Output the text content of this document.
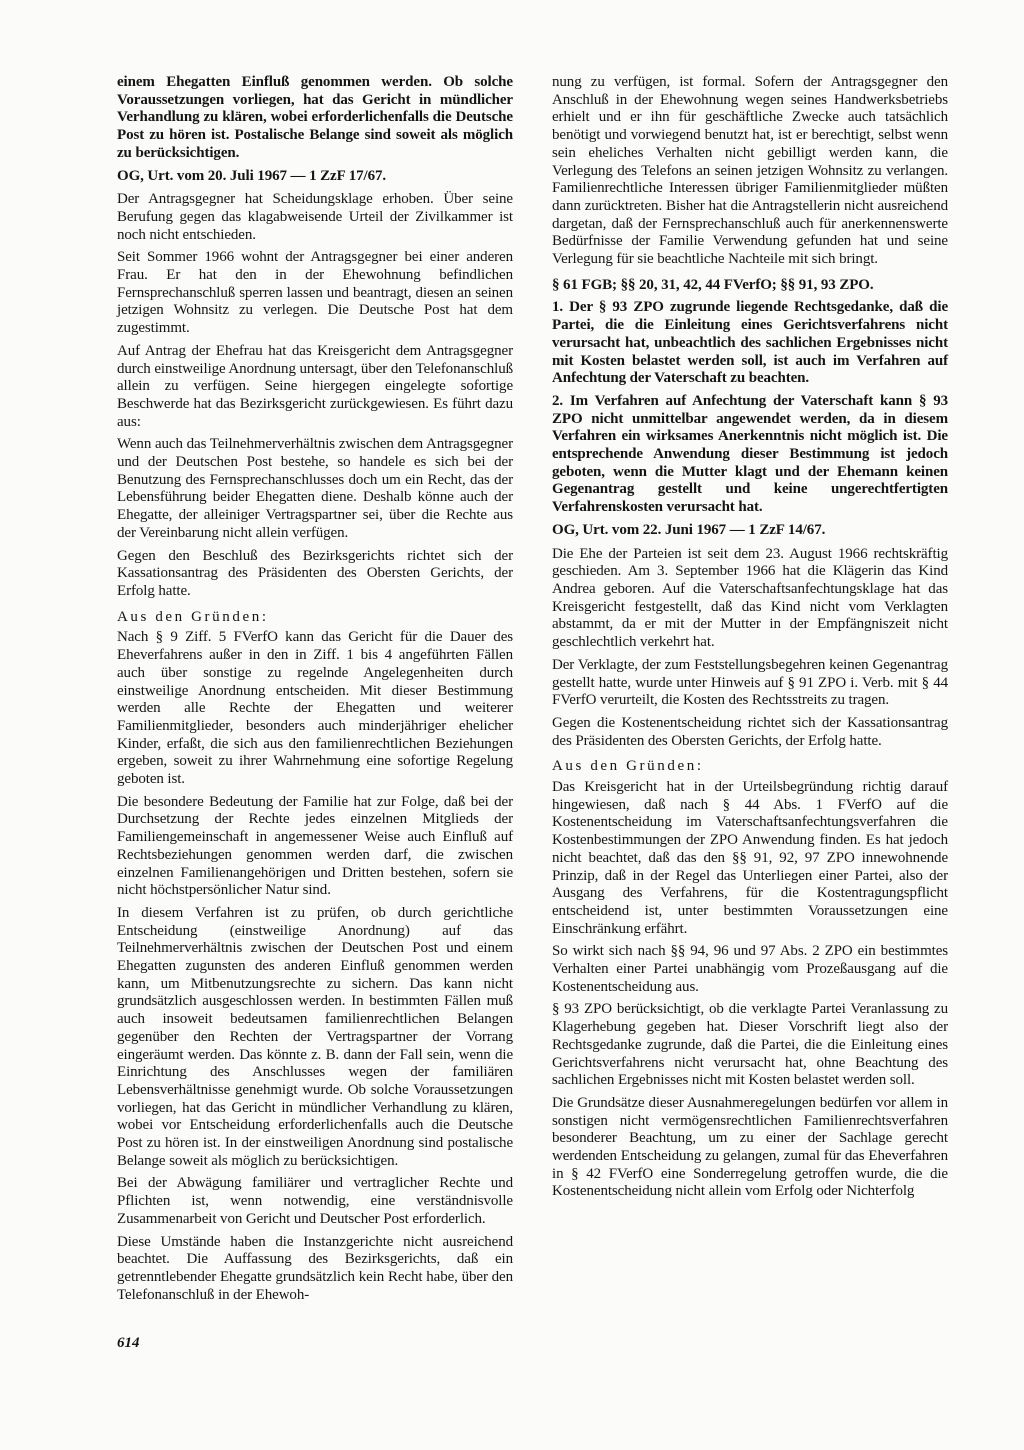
einem Ehegatten Einfluß genommen werden. Ob solche Voraussetzungen vorliegen, hat das Gericht in mündlicher Verhandlung zu klären, wobei erforderlichenfalls die Deutsche Post zu hören ist. Postalische Belange sind soweit als möglich zu berücksichtigen.

OG, Urt. vom 20. Juli 1967 — 1 ZzF 17/67.

Der Antragsgegner hat Scheidungsklage erhoben. Über seine Berufung gegen das klagabweisende Urteil der Zivilkammer ist noch nicht entschieden.

Seit Sommer 1966 wohnt der Antragsgegner bei einer anderen Frau. Er hat den in der Ehewohnung befindlichen Fernsprechanschluß sperren lassen und beantragt, diesen an seinen jetzigen Wohnsitz zu verlegen. Die Deutsche Post hat dem zugestimmt.

Auf Antrag der Ehefrau hat das Kreisgericht dem Antragsgegner durch einstweilige Anordnung untersagt, über den Telefonanschluß allein zu verfügen. Seine hiergegen eingelegte sofortige Beschwerde hat das Bezirksgericht zurückgewiesen. Es führt dazu aus:

Wenn auch das Teilnehmerverhältnis zwischen dem Antragsgegner und der Deutschen Post bestehe, so handele es sich bei der Benutzung des Fernsprechanschlusses doch um ein Recht, das der Lebensführung beider Ehegatten diene. Deshalb könne auch der Ehegatte, der alleiniger Vertragspartner sei, über die Rechte aus der Vereinbarung nicht allein verfügen.

Gegen den Beschluß des Bezirksgerichts richtet sich der Kassationsantrag des Präsidenten des Obersten Gerichts, der Erfolg hatte.

Aus den Gründen:

Nach § 9 Ziff. 5 FVerfO kann das Gericht für die Dauer des Eheverfahrens außer in den in Ziff. 1 bis 4 angeführten Fällen auch über sonstige zu regelnde Angelegenheiten durch einstweilige Anordnung entscheiden. Mit dieser Bestimmung werden alle Rechte der Ehegatten und weiterer Familienmitglieder, besonders auch minderjähriger ehelicher Kinder, erfaßt, die sich aus den familienrechtlichen Beziehungen ergeben, soweit zu ihrer Wahrnehmung eine sofortige Regelung geboten ist.

Die besondere Bedeutung der Familie hat zur Folge, daß bei der Durchsetzung der Rechte jedes einzelnen Mitglieds der Familiengemeinschaft in angemessener Weise auch Einfluß auf Rechtsbeziehungen genommen werden darf, die zwischen einzelnen Familienangehörigen und Dritten bestehen, sofern sie nicht höchstpersönlicher Natur sind.

In diesem Verfahren ist zu prüfen, ob durch gerichtliche Entscheidung (einstweilige Anordnung) auf das Teilnehmerverhältnis zwischen der Deutschen Post und einem Ehegatten zugunsten des anderen Einfluß genommen werden kann, um Mitbenutzungsrechte zu sichern. Das kann nicht grundsätzlich ausgeschlossen werden. In bestimmten Fällen muß auch insoweit bedeutsamen familienrechtlichen Belangen gegenüber den Rechten der Vertragspartner der Vorrang eingeräumt werden. Das könnte z. B. dann der Fall sein, wenn die Einrichtung des Anschlusses wegen der familiären Lebensverhältnisse genehmigt wurde. Ob solche Voraussetzungen vorliegen, hat das Gericht in mündlicher Verhandlung zu klären, wobei vor Entscheidung erforderlichenfalls auch die Deutsche Post zu hören ist. In der einstweiligen Anordnung sind postalische Belange soweit als möglich zu berücksichtigen.

Bei der Abwägung familiärer und vertraglicher Rechte und Pflichten ist, wenn notwendig, eine verständnisvolle Zusammenarbeit von Gericht und Deutscher Post erforderlich.

Diese Umstände haben die Instanzgerichte nicht ausreichend beachtet. Die Auffassung des Bezirksgerichts, daß ein getrenntlebender Ehegatte grundsätzlich kein Recht habe, über den Telefonanschluß in der Ehewoh-

nung zu verfügen, ist formal. Sofern der Antragsgegner den Anschluß in der Ehewohnung wegen seines Handwerksbetriebs erhielt und er ihn für geschäftliche Zwecke auch tatsächlich benötigt und vorwiegend benutzt hat, ist er berechtigt, selbst wenn sein eheliches Verhalten nicht gebilligt werden kann, die Verlegung des Telefons an seinen jetzigen Wohnsitz zu verlangen. Familienrechtliche Interessen übriger Familienmitglieder müßten dann zurücktreten. Bisher hat die Antragstellerin nicht ausreichend dargetan, daß der Fernsprechanschluß auch für anerkennenswerte Bedürfnisse der Familie Verwendung gefunden hat und seine Verlegung für sie beachtliche Nachteile mit sich bringt.

§ 61 FGB; §§ 20, 31, 42, 44 FVerfO; §§ 91, 93 ZPO.

1. Der § 93 ZPO zugrunde liegende Rechtsgedanke, daß die Partei, die die Einleitung eines Gerichtsverfahrens nicht verursacht hat, unbeachtlich des sachlichen Ergebnisses nicht mit Kosten belastet werden soll, ist auch im Verfahren auf Anfechtung der Vaterschaft zu beachten.

2. Im Verfahren auf Anfechtung der Vaterschaft kann § 93 ZPO nicht unmittelbar angewendet werden, da in diesem Verfahren ein wirksames Anerkenntnis nicht möglich ist. Die entsprechende Anwendung dieser Bestimmung ist jedoch geboten, wenn die Mutter klagt und der Ehemann keinen Gegenantrag gestellt und keine ungerechtfertigten Verfahrenskosten verursacht hat.

OG, Urt. vom 22. Juni 1967 — 1 ZzF 14/67.

Die Ehe der Parteien ist seit dem 23. August 1966 rechtskräftig geschieden. Am 3. September 1966 hat die Klägerin das Kind Andrea geboren. Auf die Vaterschaftsanfechtungsklage hat das Kreisgericht festgestellt, daß das Kind nicht vom Verklagten abstammt, da er mit der Mutter in der Empfängniszeit nicht geschlechtlich verkehrt hat.

Der Verklagte, der zum Feststellungsbegehren keinen Gegenantrag gestellt hatte, wurde unter Hinweis auf § 91 ZPO i. Verb. mit § 44 FVerfO verurteilt, die Kosten des Rechtsstreits zu tragen.

Gegen die Kostenentscheidung richtet sich der Kassationsantrag des Präsidenten des Obersten Gerichts, der Erfolg hatte.

Aus den Gründen:

Das Kreisgericht hat in der Urteilsbegründung richtig darauf hingewiesen, daß nach § 44 Abs. 1 FVerfO auf die Kostenentscheidung im Vaterschaftsanfechtungsverfahren die Kostenbestimmungen der ZPO Anwendung finden. Es hat jedoch nicht beachtet, daß das den §§ 91, 92, 97 ZPO innewohnende Prinzip, daß in der Regel das Unterliegen einer Partei, also der Ausgang des Verfahrens, für die Kostentragungspflicht entscheidend ist, unter bestimmten Voraussetzungen eine Einschränkung erfährt.

So wirkt sich nach §§ 94, 96 und 97 Abs. 2 ZPO ein bestimmtes Verhalten einer Partei unabhängig vom Prozeßausgang auf die Kostenentscheidung aus.

§ 93 ZPO berücksichtigt, ob die verklagte Partei Veranlassung zu Klagerhebung gegeben hat. Dieser Vorschrift liegt also der Rechtsgedanke zugrunde, daß die Partei, die die Einleitung eines Gerichtsverfahrens nicht verursacht hat, ohne Beachtung des sachlichen Ergebnisses nicht mit Kosten belastet werden soll.

Die Grundsätze dieser Ausnahmeregelungen bedürfen vor allem in sonstigen nicht vermögensrechtlichen Familienrechtsverfahren besonderer Beachtung, um zu einer der Sachlage gerecht werdenden Entscheidung zu gelangen, zumal für das Eheverfahren in § 42 FVerfO eine Sonderregelung getroffen wurde, die die Kostenentscheidung nicht allein vom Erfolg oder Nichterfolg

614
